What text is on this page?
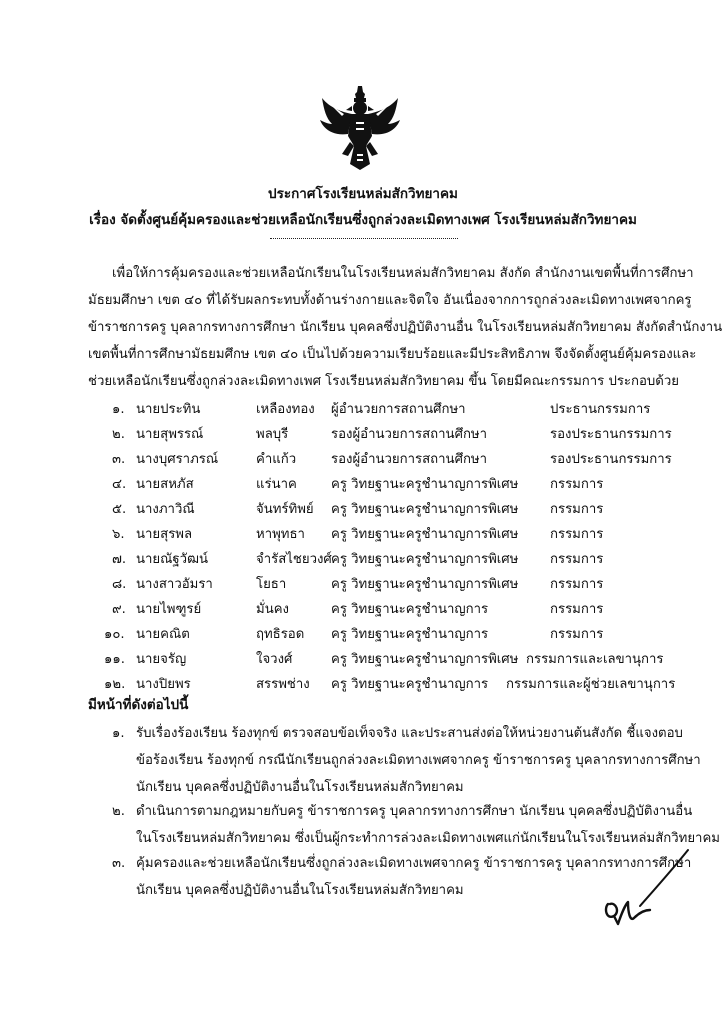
ประกาศโรงเรียนหล่มสักวิทยาคม
เรื่อง จัดตั้งศูนย์คุ้มครองและช่วยเหลือนักเรียนซึ่งถูกล่วงละเมิดทางเพศ โรงเรียนหล่มสักวิทยาคม
เพื่อให้การคุ้มครองและช่วยเหลือนักเรียนในโรงเรียนหล่มสักวิทยาคม สังกัด สำนักงานเขตพื้นที่การศึกษา
มัธยมศึกษา เขต ๔๐ ที่ได้รับผลกระทบทั้งด้านร่างกายและจิตใจ อันเนื่องจากการถูกล่วงละเมิดทางเพศจากครู
ข้าราชการครู บุคลากรทางการศึกษา นักเรียน บุคคลซึ่งปฏิบัติงานอื่น ในโรงเรียนหล่มสักวิทยาคม สังกัดสำนักงาน
เขตพื้นที่การศึกษามัธยมศึกษ เขต ๔๐ เป็นไปด้วยความเรียบร้อยและมีประสิทธิภาพ จึงจัดตั้งศูนย์คุ้มครองและ
ช่วยเหลือนักเรียนซึ่งถูกล่วงละเมิดทางเพศ โรงเรียนหล่มสักวิทยาคม ขึ้น โดยมีคณะกรรมการ ประกอบด้วย
๑. นายประทิน	เหลืองทอง ผู้อำนวยการสถานศึกษา	ประธานกรรมการ
๒. นายสุพรรณ์	พลบุรี	รองผู้อำนวยการสถานศึกษา	รองประธานกรรมการ
๓. นางบุศราภรณ์	คำแก้ว	รองผู้อำนวยการสถานศึกษา	รองประธานกรรมการ
๔. นายสหภัส	แร่นาค	ครู วิทยฐานะครูชำนาญการพิเศษ กรรมการ
๕. นางภาวิณี	จันทร์ทิพย์ ครู วิทยฐานะครูชำนาญการพิเศษ กรรมการ
๖. นายสุรพล	หาพุทธา ครู วิทยฐานะครูชำนาญการพิเศษ กรรมการ
๗. นายณัฐวัฒน์	จำรัสไชยวงศ์ ครู วิทยฐานะครูชำนาญการพิเศษ กรรมการ
๘. นางสาวอัมรา	โยธา	ครู วิทยฐานะครูชำนาญการพิเศษ กรรมการ
๙. นายไพฑูรย์	มั่นคง	ครู วิทยฐานะครูชำนาญการ	กรรมการ
๑๐. นายคณิต	ฤทธิรอด ครู วิทยฐานะครูชำนาญการ	กรรมการ
๑๑. นายจรัญ	ใจวงศ์	ครู วิทยฐานะครูชำนาญการพิเศษ กรรมการและเลขานุการ
๑๒. นางปิยพร	สรรพช่าง ครู วิทยฐานะครูชำนาญการ กรรมการและผู้ช่วยเลขานุการ
มีหน้าที่ดังต่อไปนี้
๑. รับเรื่องร้องเรียน ร้องทุกข์ ตรวจสอบข้อเท็จจริง และประสานส่งต่อให้หน่วยงานต้นสังกัด ชี้แจงตอบ
ข้อร้องเรียน ร้องทุกข์ กรณีนักเรียนถูกล่วงละเมิดทางเพศจากครู ข้าราชการครู บุคลากรทางการศึกษา
นักเรียน บุคคลซึ่งปฏิบัติงานอื่นในโรงเรียนหล่มสักวิทยาคม
๒. ดำเนินการตามกฎหมายกับครู ข้าราชการครู บุคลากรทางการศึกษา นักเรียน บุคคลซึ่งปฏิบัติงานอื่น
ในโรงเรียนหล่มสักวิทยาคม ซึ่งเป็นผู้กระทำการล่วงละเมิดทางเพศแก่นักเรียนในโรงเรียนหล่มสักวิทยาคม
๓. คุ้มครองและช่วยเหลือนักเรียนซึ่งถูกล่วงละเมิดทางเพศจากครู ข้าราชการครู บุคลากรทางการศึกษา
นักเรียน บุคคลซึ่งปฏิบัติงานอื่นในโรงเรียนหล่มสักวิทยาคม
